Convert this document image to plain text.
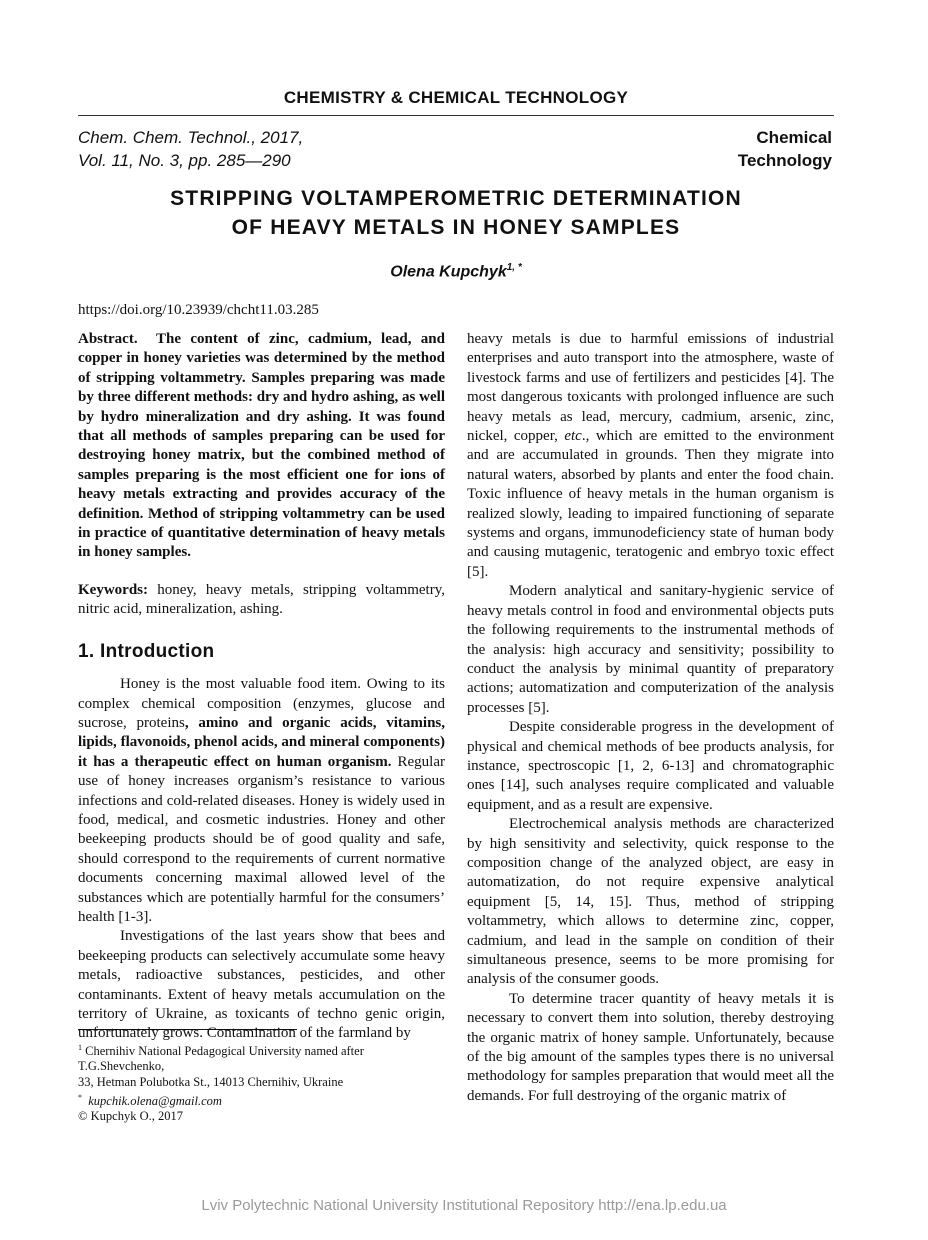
CHEMISTRY & CHEMICAL TECHNOLOGY
Chem. Chem. Technol., 2017,
Vol. 11, No. 3, pp. 285—290
Chemical
Technology
STRIPPING VOLTAMPEROMETRIC DETERMINATION
OF HEAVY METALS IN HONEY SAMPLES
Olena Kupchyk$^{1, *}$
https://doi.org/10.23939/chcht11.03.285

Abstract. The content of zinc, cadmium, lead, and copper in honey varieties was determined by the method of stripping voltammetry. Samples preparing was made by three different methods: dry and hydro ashing, as well by hydro mineralization and dry ashing. It was found that all methods of samples preparing can be used for destroying honey matrix, but the combined method of samples preparing is the most efficient one for ions of heavy metals extracting and provides accuracy of the definition. Method of stripping voltammetry can be used in practice of quantitative determination of heavy metals in honey samples.

Keywords: honey, heavy metals, stripping voltammetry, nitric acid, mineralization, ashing.

1. Introduction

Honey is the most valuable food item. Owing to its complex chemical composition (enzymes, glucose and sucrose, proteins, amino and organic acids, vitamins, lipids, flavonoids, phenol acids, and mineral components) it has a therapeutic effect on human organism. Regular use of honey increases organism’s resistance to various infections and cold-related diseases. Honey is widely used in food, medical, and cosmetic industries. Honey and other beekeeping products should be of good quality and safe, should correspond to the requirements of current normative documents concerning maximal allowed level of the substances which are potentially harmful for the consumers’ health [1-3].

Investigations of the last years show that bees and beekeeping products can selectively accumulate some heavy metals, radioactive substances, pesticides, and other contaminants. Extent of heavy metals accumulation on the territory of Ukraine, as toxicants of techno genic origin, unfortunately grows. Contamination of the farmland by

heavy metals is due to harmful emissions of industrial enterprises and auto transport into the atmosphere, waste of livestock farms and use of fertilizers and pesticides [4]. The most dangerous toxicants with prolonged influence are such heavy metals as lead, mercury, cadmium, arsenic, zinc, nickel, copper, etc., which are emitted to the environment and are accumulated in grounds. Then they migrate into natural waters, absorbed by plants and enter the food chain. Toxic influence of heavy metals in the human organism is realized slowly, leading to impaired functioning of separate systems and organs, immunodeficiency state of human body and causing mutagenic, teratogenic and embryo toxic effect [5].

Modern analytical and sanitary-hygienic service of heavy metals control in food and environmental objects puts the following requirements to the instrumental methods of the analysis: high accuracy and sensitivity; possibility to conduct the analysis by minimal quantity of preparatory actions; automatization and computerization of the analysis processes [5].

Despite considerable progress in the development of physical and chemical methods of bee products analysis, for instance, spectroscopic [1, 2, 6-13] and chromatographic ones [14], such analyses require complicated and valuable equipment, and as a result are expensive.

Electrochemical analysis methods are characterized by high sensitivity and selectivity, quick response to the composition change of the analyzed object, are easy in automatization, do not require expensive analytical equipment [5, 14, 15]. Thus, method of stripping voltammetry, which allows to determine zinc, copper, cadmium, and lead in the sample on condition of their simultaneous presence, seems to be more promising for analysis of the consumer goods.

To determine tracer quantity of heavy metals it is necessary to convert them into solution, thereby destroying the organic matrix of honey sample. Unfortunately, because of the big amount of the samples types there is no universal methodology for samples preparation that would meet all the demands. For full destroying of the organic matrix of

$^1$ Chernihiv National Pedagogical University named after
T.G.Shevchenko,
33, Hetman Polubotka St., 14013 Chernihiv, Ukraine
* kupchik.olena@gmail.com
© Kupchyk O., 2017
Lviv Polytechnic National University Institutional Repository http://ena.lp.edu.ua
